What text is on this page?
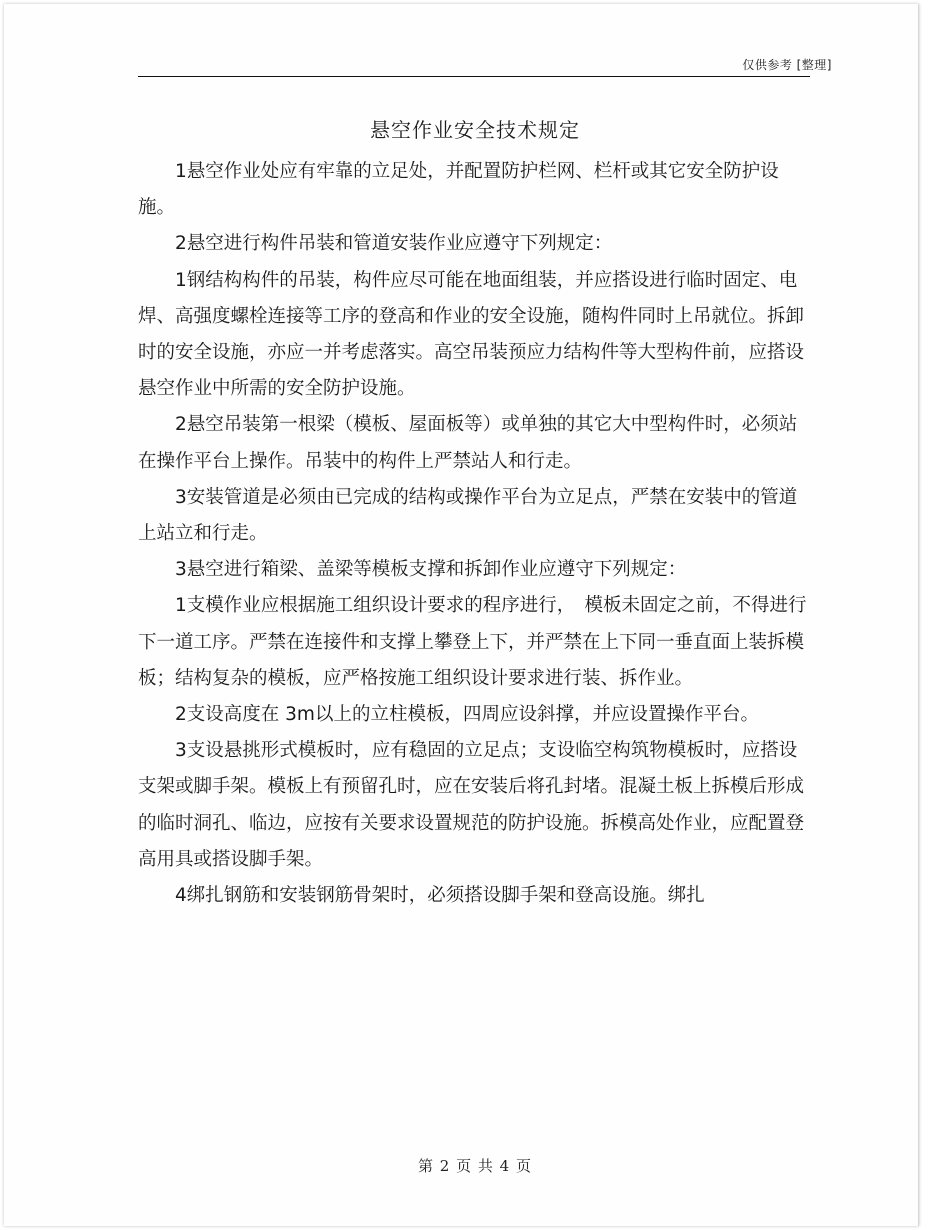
仅供参考 [整理]
悬空作业安全技术规定

1悬空作业处应有牢靠的立足处，并配置防护栏网、栏杆或其它安全防护设施。

2悬空进行构件吊装和管道安装作业应遵守下列规定：

1钢结构构件的吊装，构件应尽可能在地面组装，并应搭设进行临时固定、电焊、高强度螺栓连接等工序的登高和作业的安全设施，随构件同时上吊就位。拆卸时的安全设施，亦应一并考虑落实。高空吊装预应力结构件等大型构件前，应搭设悬空作业中所需的安全防护设施。

2悬空吊装第一根梁（模板、屋面板等）或单独的其它大中型构件时，必须站在操作平台上操作。吊装中的构件上严禁站人和行走。

3安装管道是必须由已完成的结构或操作平台为立足点，严禁在安装中的管道上站立和行走。

3悬空进行箱梁、盖梁等模板支撑和拆卸作业应遵守下列规定：

1支模作业应根据施工组织设计要求的程序进行，　模板未固定之前，不得进行下一道工序。严禁在连接件和支撑上攀登上下，并严禁在上下同一垂直面上装拆模板；结构复杂的模板，应严格按施工组织设计要求进行装、拆作业。

2支设高度在 3m以上的立柱模板，四周应设斜撑，并应设置操作平台。

3支设悬挑形式模板时，应有稳固的立足点；支设临空构筑物模板时，应搭设支架或脚手架。模板上有预留孔时，应在安装后将孔封堵。混凝土板上拆模后形成的临时洞孔、临边，应按有关要求设置规范的防护设施。拆模高处作业，应配置登高用具或搭设脚手架。

4绑扎钢筋和安装钢筋骨架时，必须搭设脚手架和登高设施。绑扎

第 2 页 共 4 页
